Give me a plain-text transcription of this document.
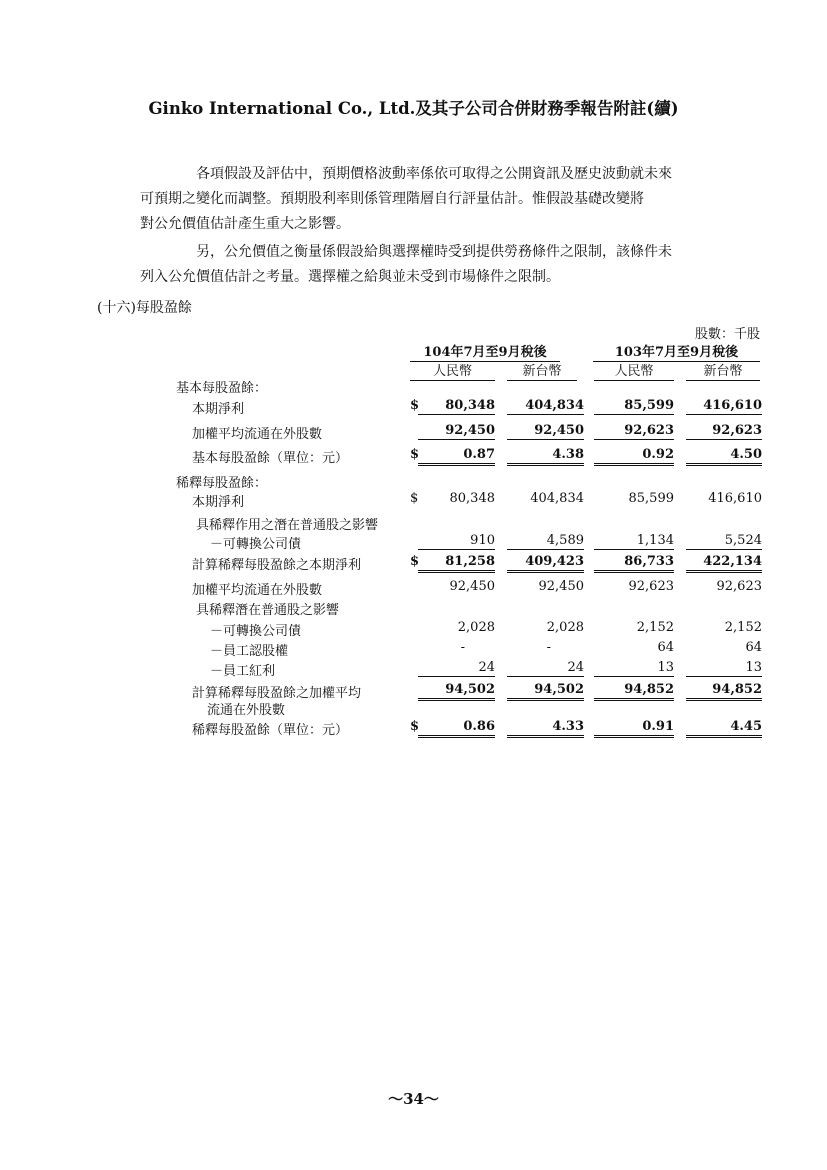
Ginko International Co., Ltd.及其子公司合併財務季報告附註(續)
各項假設及評估中，預期價格波動率係依可取得之公開資訊及歷史波動就未來
可預期之變化而調整。預期股利率則係管理階層自行評量估計。惟假設基礎改變將
對公允價值估計產生重大之影響。
另，公允價值之衡量係假設給與選擇權時受到提供勞務條件之限制，該條件未
列入公允價值估計之考量。選擇權之給與並未受到市場條件之限制。
(十六)每股盈餘
股數：千股
104年7月至9月稅後	103年7月至9月稅後
人民幣	新台幣	人民幣	新台幣
基本每股盈餘：
本期淨利	$	80,348	404,834	85,599	416,610
加權平均流通在外股數	92,450	92,450	92,623	92,623
基本每股盈餘（單位：元）	$	0.87	4.38	0.92	4.50
稀釋每股盈餘：
本期淨利	$	80,348	404,834	85,599	416,610
具稀釋作用之潛在普通股之影響
－可轉換公司債	910	4,589	1,134	5,524
計算稀釋每股盈餘之本期淨利	$	81,258	409,423	86,733	422,134
加權平均流通在外股數	92,450	92,450	92,623	92,623
具稀釋潛在普通股之影響
－可轉換公司債	2,028	2,028	2,152	2,152
－員工認股權	-	-	64	64
－員工紅利	24	24	13	13
計算稀釋每股盈餘之加權平均
流通在外股數
94,502	94,502	94,852	94,852
稀釋每股盈餘（單位：元）	$	0.86	4.33	0.91	4.45
～34～
